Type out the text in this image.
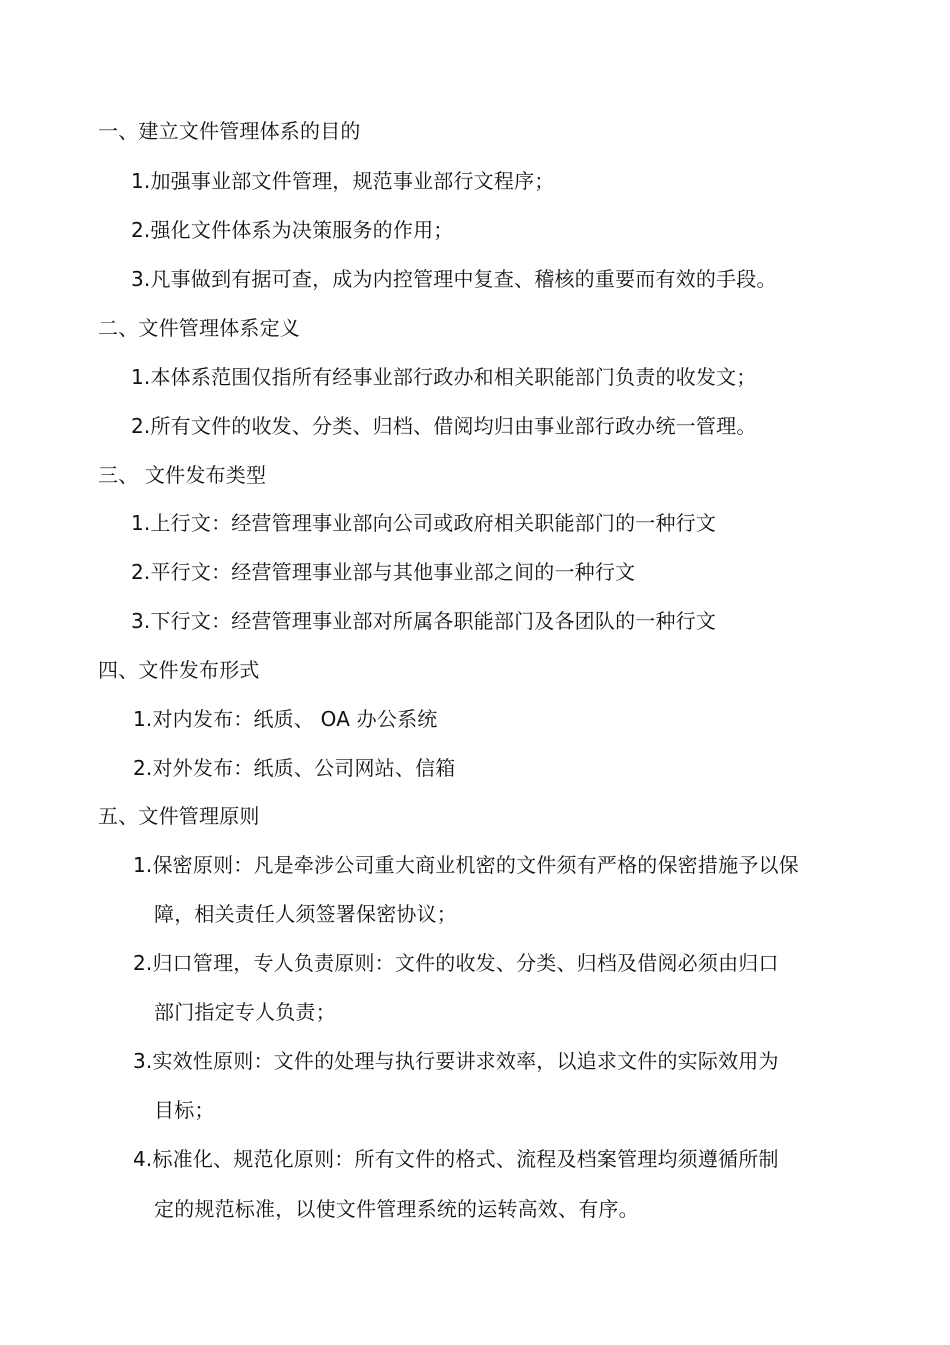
一、建立文件管理体系的目的
1.加强事业部文件管理，规范事业部行文程序；
2.强化文件体系为决策服务的作用；
3.凡事做到有据可查，成为内控管理中复查、稽核的重要而有效的手段。
二、文件管理体系定义
1.本体系范围仅指所有经事业部行政办和相关职能部门负责的收发文；
2.所有文件的收发、分类、归档、借阅均归由事业部行政办统一管理。
三、 文件发布类型
1.上行文：经营管理事业部向公司或政府相关职能部门的一种行文
2.平行文：经营管理事业部与其他事业部之间的一种行文
3.下行文：经营管理事业部对所属各职能部门及各团队的一种行文
四、文件发布形式
1.对内发布：纸质、 OA 办公系统
2.对外发布：纸质、公司网站、信箱
五、文件管理原则
1.保密原则：凡是牵涉公司重大商业机密的文件须有严格的保密措施予以保
障，相关责任人须签署保密协议；
2.归口管理，专人负责原则：文件的收发、分类、归档及借阅必须由归口
部门指定专人负责；
3.实效性原则：文件的处理与执行要讲求效率，以追求文件的实际效用为
目标；
4.标准化、规范化原则：所有文件的格式、流程及档案管理均须遵循所制
定的规范标准，以使文件管理系统的运转高效、有序。
